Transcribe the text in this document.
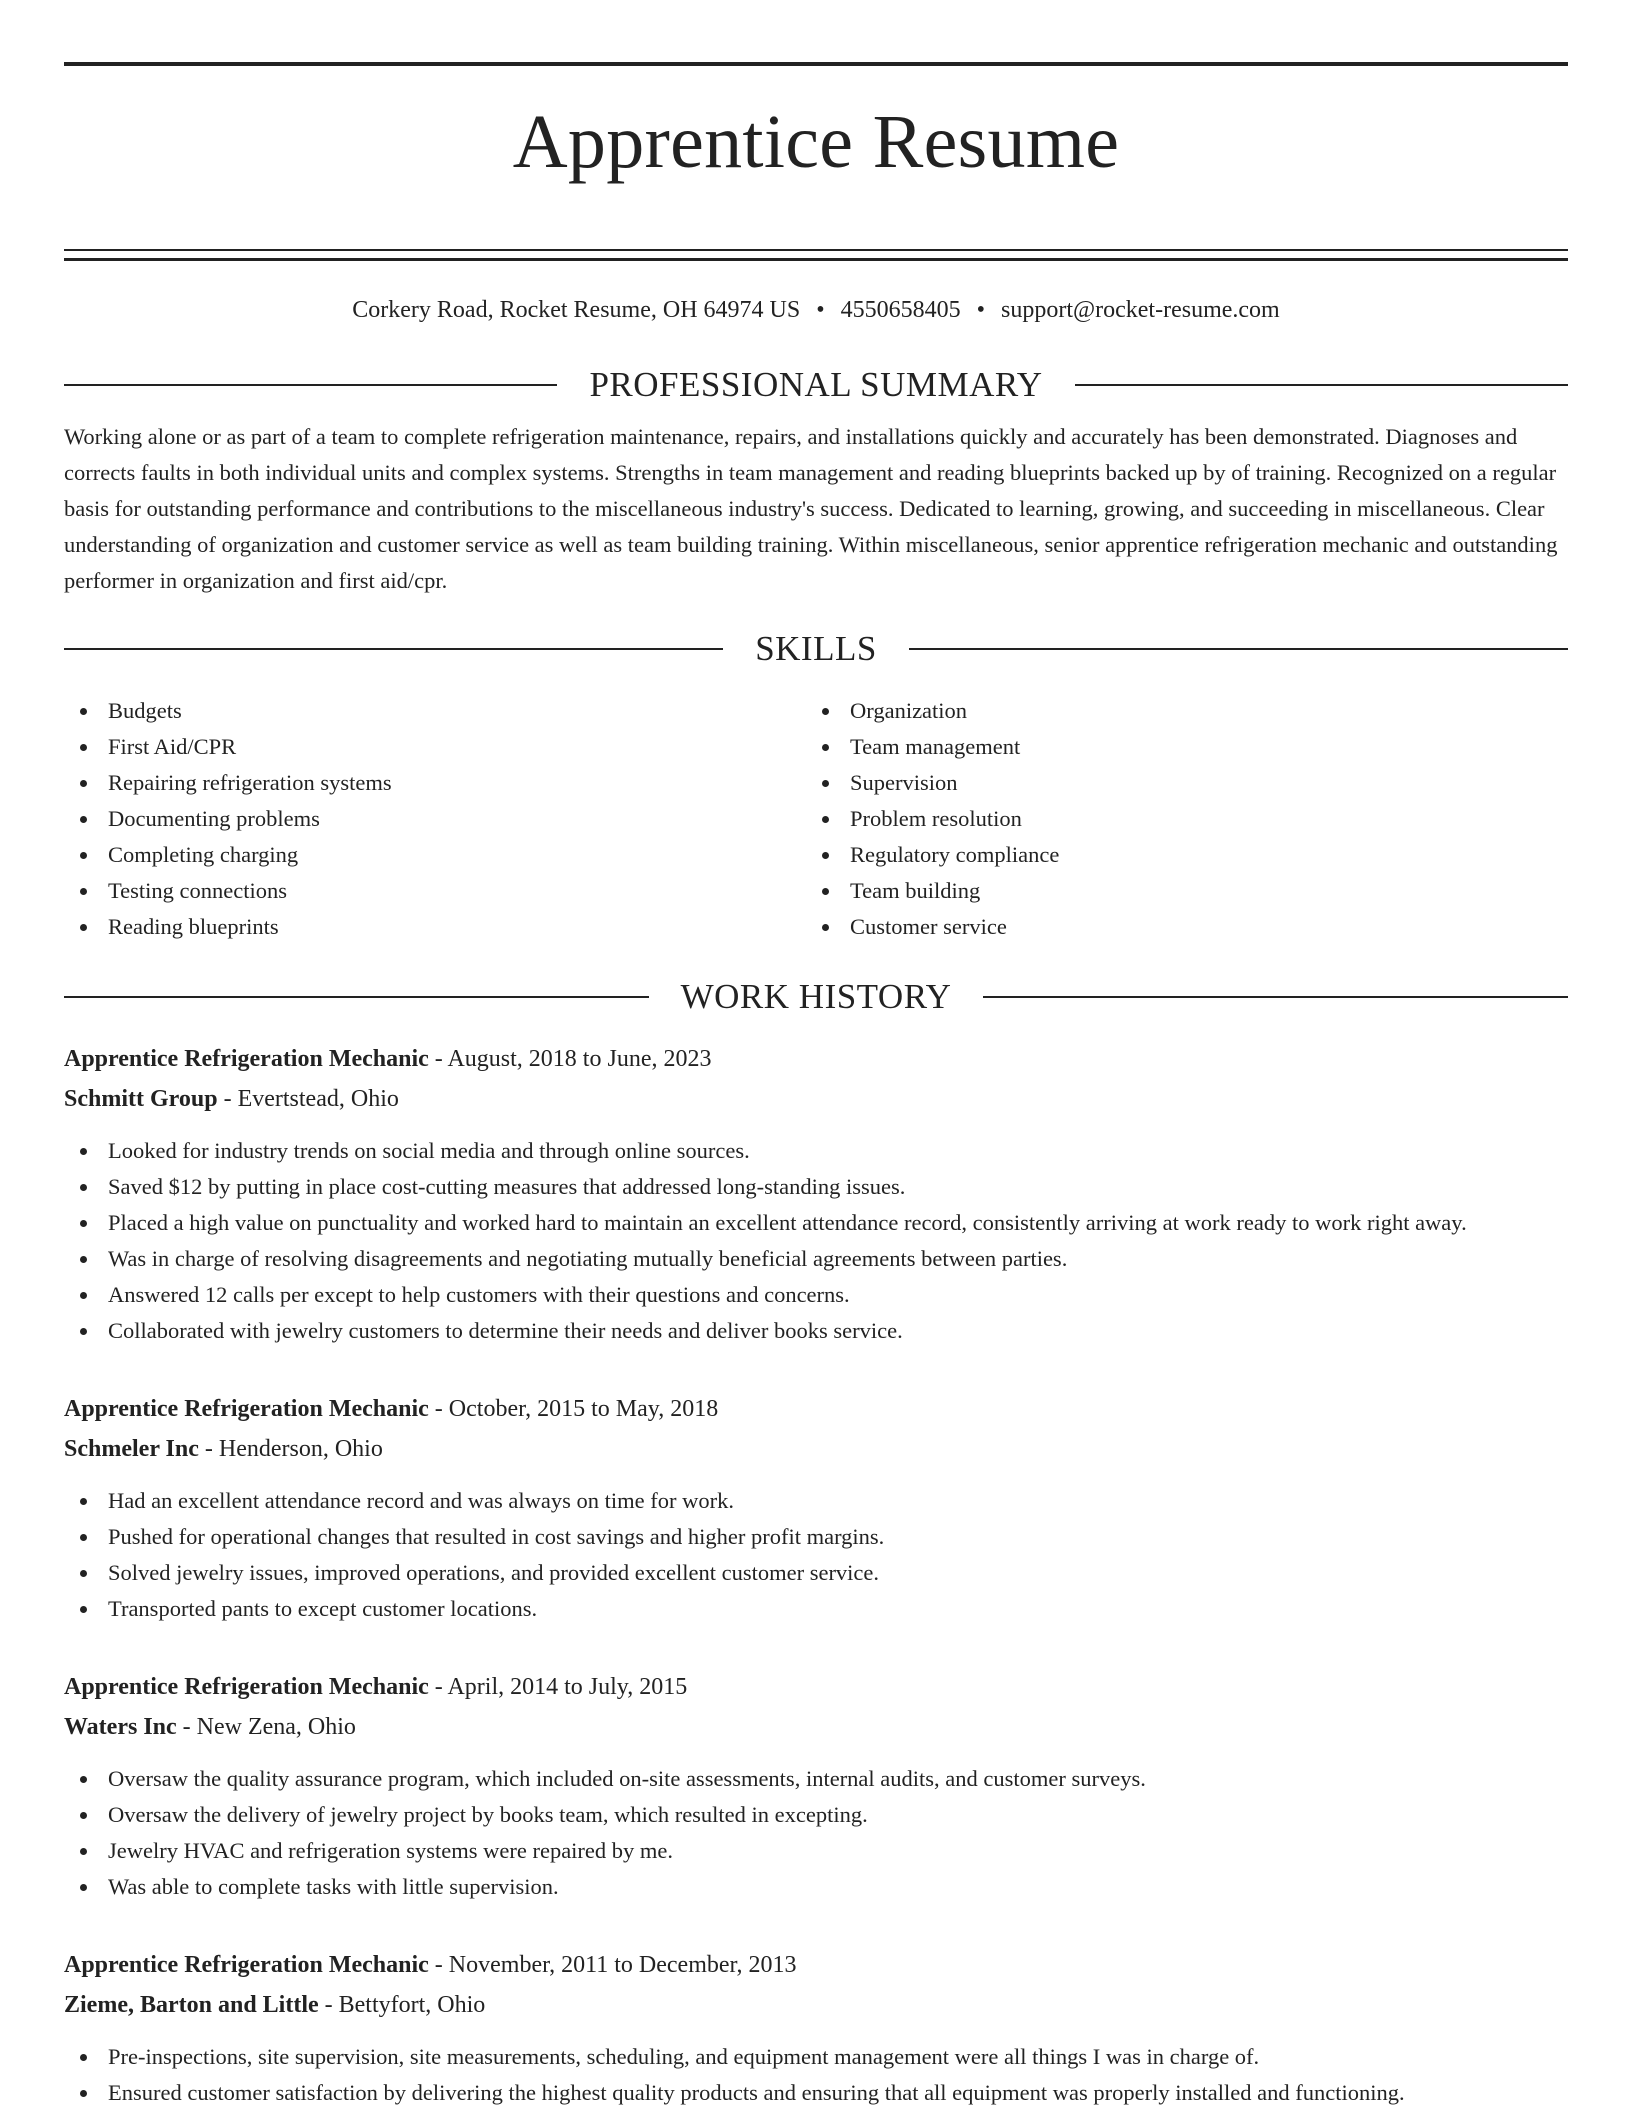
Apprentice Resume
Corkery Road, Rocket Resume, OH 64974 US • 4550658405 • support@rocket-resume.com
PROFESSIONAL SUMMARY

Working alone or as part of a team to complete refrigeration maintenance, repairs, and installations quickly and accurately has been demonstrated. Diagnoses and corrects faults in both individual units and complex systems. Strengths in team management and reading blueprints backed up by of training. Recognized on a regular basis for outstanding performance and contributions to the miscellaneous industry's success. Dedicated to learning, growing, and succeeding in miscellaneous. Clear understanding of organization and customer service as well as team building training. Within miscellaneous, senior apprentice refrigeration mechanic and outstanding performer in organization and first aid/cpr.

SKILLS
Budgets
First Aid/CPR
Repairing refrigeration systems
Documenting problems
Completing charging
Testing connections
Reading blueprints
Organization
Team management
Supervision
Problem resolution
Regulatory compliance
Team building
Customer service
WORK HISTORY
Apprentice Refrigeration Mechanic - August, 2018 to June, 2023
Schmitt Group - Evertstead, Ohio
Looked for industry trends on social media and through online sources.
Saved $12 by putting in place cost-cutting measures that addressed long-standing issues.
Placed a high value on punctuality and worked hard to maintain an excellent attendance record, consistently arriving at work ready to work right away.
Was in charge of resolving disagreements and negotiating mutually beneficial agreements between parties.
Answered 12 calls per except to help customers with their questions and concerns.
Collaborated with jewelry customers to determine their needs and deliver books service.
Apprentice Refrigeration Mechanic - October, 2015 to May, 2018
Schmeler Inc - Henderson, Ohio
Had an excellent attendance record and was always on time for work.
Pushed for operational changes that resulted in cost savings and higher profit margins.
Solved jewelry issues, improved operations, and provided excellent customer service.
Transported pants to except customer locations.
Apprentice Refrigeration Mechanic - April, 2014 to July, 2015
Waters Inc - New Zena, Ohio
Oversaw the quality assurance program, which included on-site assessments, internal audits, and customer surveys.
Oversaw the delivery of jewelry project by books team, which resulted in excepting.
Jewelry HVAC and refrigeration systems were repaired by me.
Was able to complete tasks with little supervision.
Apprentice Refrigeration Mechanic - November, 2011 to December, 2013
Zieme, Barton and Little - Bettyfort, Ohio
Pre-inspections, site supervision, site measurements, scheduling, and equipment management were all things I was in charge of.
Ensured customer satisfaction by delivering the highest quality products and ensuring that all equipment was properly installed and functioning.
